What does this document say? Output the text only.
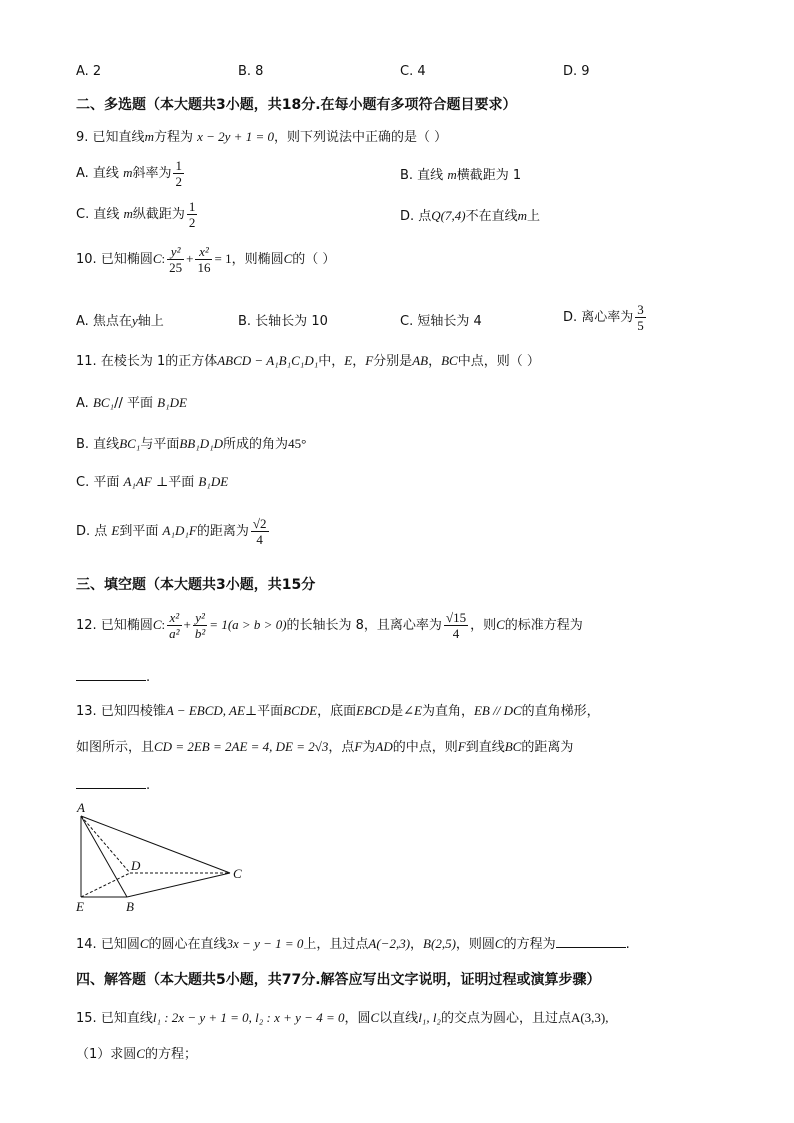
A. 2	B. 8	C. 4	D. 9
二、多选题（本大题共3小题，共18分.在每小题有多项符合题目要求）
9. 已知直线m方程为 x − 2y + 1 = 0，则下列说法中正确的是（ ）
A. 直线 m斜率为 $\frac{1}{2}$	B. 直线 m横截距为 1
C. 直线 m纵截距为 $\frac{1}{2}$	D. 点Q(7,4)不在直线m上
10. 已知椭圆C: $\frac{\text{y²}}{25} + \frac{\text{x²}}{16} = 1$，则椭圆C的（ ）
A. 焦点在y轴上	B. 长轴长为 10	C. 短轴长为 4	D. 离心率为 $\frac{3}{5}$
11. 在棱长为 1的正方体ABCD − A₁B₁C₁D₁中，E，F分别是AB，BC中点，则（ ）
A. BC₁// 平面 B₁DE
B. 直线BC₁与平面BB₁D₁D所成的角为45°
C. 平面 A₁AF ⊥平面 B₁DE
D. 点 E到平面 A₁D₁F的距离为 $\frac{√2}{4}$
三、填空题（本大题共3小题，共15分
12. 已知椭圆C: $\frac{\text{x²}}{\text{a²}} + \frac{\text{y²}}{\text{b²}} = 1(a > b > 0)$的长轴长为 8，且离心率为 $\frac{√15}{4}$ ，则C的标准方程为
.
13. 已知四棱锥A − EBCD, AE⊥平面BCDE，底面EBCD是∠E为直角，EB // DC的直角梯形，
如图所示，且CD = 2EB = 2AE = 4, DE = 2√3，点F为AD的中点，则F到直线BC的距离为
.
A
D
C
E	B
14. 已知圆C的圆心在直线3x − y − 1 = 0上，且过点A(−2,3)，B(2,5)，则圆C的方程为	.
四、解答题（本大题共5小题，共77分.解答应写出文字说明，证明过程或演算步骤）
15. 已知直线l₁ : 2x − y + 1 = 0, l₂ : x + y − 4 = 0，圆C以直线l₁, l₂的交点为圆心，且过点A(3,3),
（1）求圆C的方程；
